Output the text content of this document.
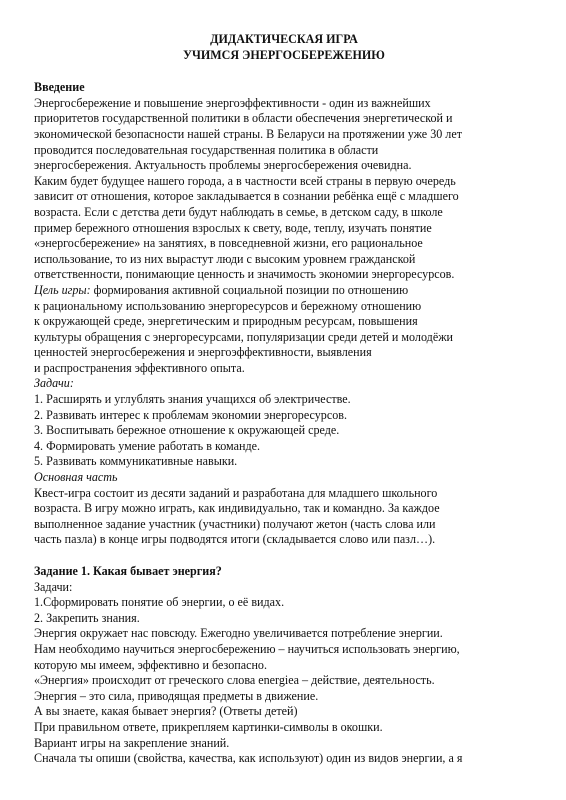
ДИДАКТИЧЕСКАЯ ИГРА
УЧИМСЯ ЭНЕРГОСБЕРЕЖЕНИЮ
Введение
Энергосбережение и повышение энергоэффективности - один из важнейших
приоритетов государственной политики в области обеспечения энергетической и
экономической безопасности нашей страны. В Беларуси на протяжении уже 30 лет
проводится последовательная государственная политика в области
энергосбережения. Актуальность проблемы энергосбережения очевидна.
Каким будет будущее нашего города, а в частности всей страны в первую очередь
зависит от отношения, которое закладывается в сознании ребёнка ещё с младшего
возраста. Если с детства дети будут наблюдать в семье, в детском саду, в школе
пример бережного отношения взрослых к свету, воде, теплу, изучать понятие
«энергосбережение» на занятиях, в повседневной жизни, его рациональное
использование, то из них вырастут люди с высоким уровнем гражданской
ответственности, понимающие ценность и значимость экономии энергоресурсов.
Цель игры: формирования активной социальной позиции по отношению
к рациональному использованию энергоресурсов и бережному отношению
к окружающей среде, энергетическим и природным ресурсам, повышения
культуры обращения с энергоресурсами, популяризации среди детей и молодёжи
ценностей энергосбережения и энергоэффективности, выявления
и распространения эффективного опыта.
Задачи:
1. Расширять и углублять знания учащихся об электричестве.
2. Развивать интерес к проблемам экономии энергоресурсов.
3. Воспитывать бережное отношение к окружающей среде.
4. Формировать умение работать в команде.
5. Развивать коммуникативные навыки.
Основная часть
Квест-игра состоит из десяти заданий и разработана для младшего школьного
возраста. В игру можно играть, как индивидуально, так и командно. За каждое
выполненное задание участник (участники) получают жетон (часть слова или
часть пазла) в конце игры подводятся итоги (складывается слово или пазл…).
Задание 1. Какая бывает энергия?
Задачи:
1.Сформировать понятие об энергии, о её видах.
2. Закрепить знания.
Энергия окружает нас повсюду. Ежегодно увеличивается потребление энергии.
Нам необходимо научиться энергосбережению – научиться использовать энергию,
которую мы имеем, эффективно и безопасно.
«Энергия» происходит от греческого слова energiea – действие, деятельность.
Энергия – это сила, приводящая предметы в движение.
А вы знаете, какая бывает энергия? (Ответы детей)
При правильном ответе, прикрепляем картинки-символы в окошки.
Вариант игры на закрепление знаний.
Сначала ты опиши (свойства, качества, как используют) один из видов энергии, а я
